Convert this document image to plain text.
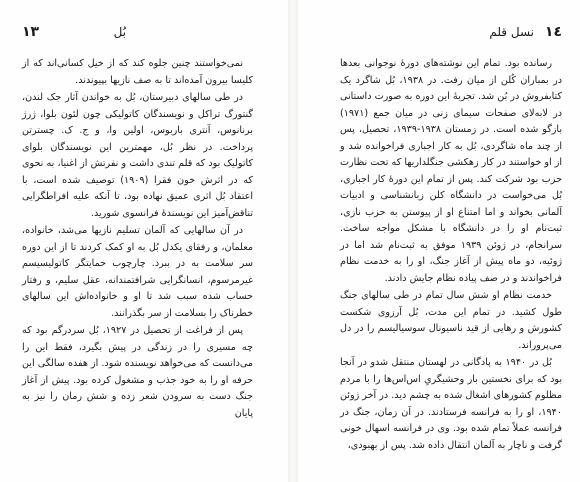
١٤
نسل قلم

رسانده بود. تمام این نوشته‌های دورهٔ نوجوانی بعدها در بمباران کُلن از میان رفت. در ۱۹۳۸، بُل شاگرد یک کتابفروش در بُن شد. تجربهٔ این دوره به صورت داستانی در لابه‌لای صفحات سیمای زنی در میان جمع (۱۹۷۱) بازگو شده است. در زمستان ۱۹۳۸-۱۹۳۹، تحصیل، پس از چند ماه شاگردی، بُل به کار اجباری فراخوانده شد و از او خواستند در کار زهکشی جنگلداریها که تحت نظارت حزب بود شرکت کند. پس از تمام این دورهٔ کار اجباری، بُل می‌خواست در دانشگاه کلن زبانشناسی و ادبیات آلمانی بخواند و اما امتناع او از پیوستن به حزب نازی، ثبت‌نام او را در دانشگاه با مشکل مواجه ساخت. سرانجام، در ژوئن ۱۹۳۹ موفق به ثبت‌نام شد اما در ژوئیه، دو ماه پیش از آغاز جنگ، او را به خدمت نظام فراخواندند و در صف پیاده نظام جایش دادند.

خدمت نظام او شش سال تمام در طی سالهای جنگ طول کشید. در تمام این مدت، بُل آرزوی شکست کشورش و رهایی از قید ناسیونال سوسیالیسم را در دل می‌پروراند.

بُل در ۱۹۴۰ به پادگانی در لهستان منتقل شدو در آنجا بود که برای نخستین بار وحشیگریِ اس‌اس‌ها را با مردم مظلوم کشورهای اشغال شده به چشم دید. در آخر ژوئن ۱۹۴۰، او را به فرانسه فرستادند. در آن زمان، جنگ در فرانسه عملاً تمام شده بود. وی در فرانسه اسهال خونی گرفت و ناچار به آلمان انتقال داده شد. پس از بهبودی،

١٣	بُل

نمی‌خواستند چنین جلوه کند که از خیل کسانی‌اند که از کلیسا بیرون آمده‌اند تا به صف نازیها بپیوندند.

در طی سالهای دبیرستان، بُل به خواندن آثار جک لندن، گنتورگ تراکل و نویسندگان کاتولیکی چون لئون بلوا، ژرژ برنانوس، آنتری باربوس، اولین وا، و ج. ک. چسترتن پرداخت. در نظر بُل، مهمترین این نویسندگان بلوای کاتولیک بود که قلم تندی داشت و نفرتش از اغنیا، به نحوی که در اثرش خون فقرا (۱۹۰۹) توصیف شده است، با اعتقاد بُل اثری عمیق نهاده بود، تا آنکه علیه افراطگرایی تناقض‌آمیز این نویسندهٔ فرانسوی شورید.

در آن سالهایی که آلمان تسلیم نازیها می‌شد، خانواده، معلمان، و رفقای یکدل بُل به او کمک کردند تا از این دوره سر سلامت به در ببرد. چارچوب حمایتگر کاتولیسیسم غیرمرسوم، انسانگرایی شرافتمندانه، عقل سلیم، و رفتار حساب شده سبب شد تا او و خانواده‌اش این سالهای خطرناک را بسلامت از سر بگذرانند.

پس از فراغت از تحصیل در ۱۹۲۷، بُل سردرگم بود که چه مسیری را در زندگی در پیش بگیرد، فقط این را می‌دانست که می‌خواهد نویسنده شود. از هفده سالگی این حرفه او را به خود جذب و مشغول کرده بود. پیش از آغاز جنگ دست به سرودن شعر زده و شش رمان را نیز به پایان
